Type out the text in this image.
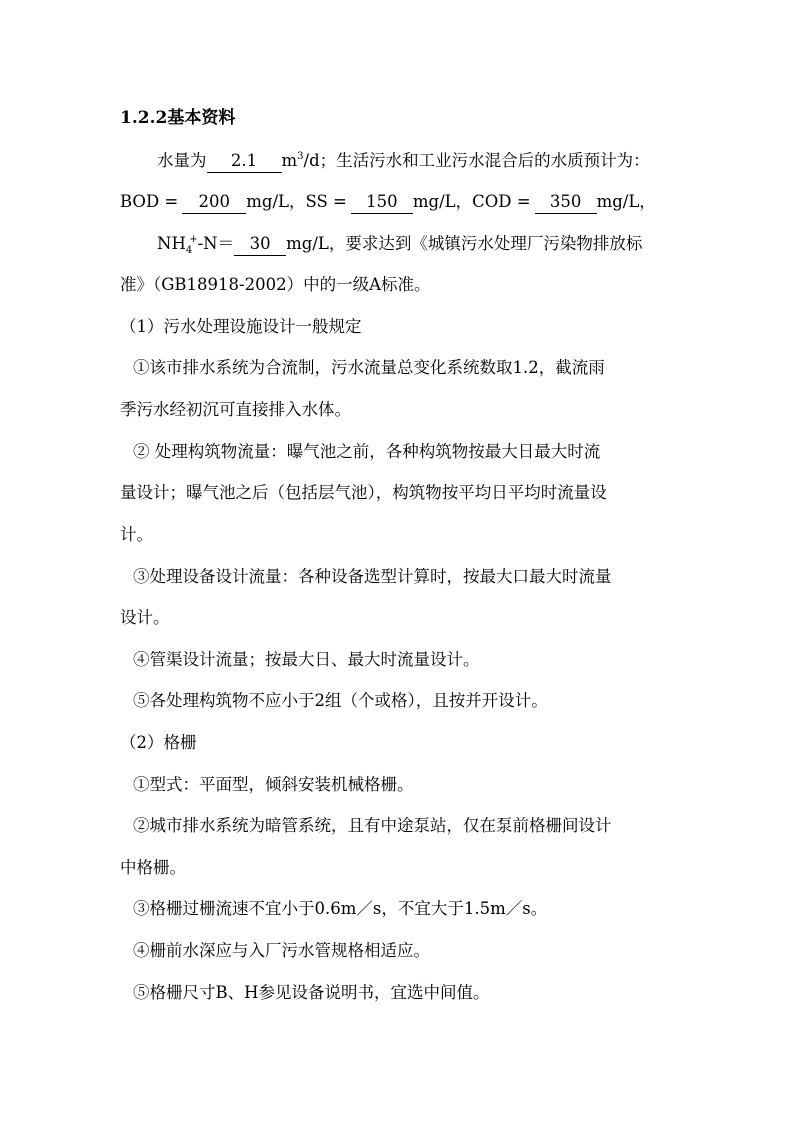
1.2.2基本资料
水量为 2.1 $m^3/d$；生活污水和工业污水混合后的水质预计为：
BOD = 200 mg/L，SS = 150 mg/L，COD = 350 mg/L，
$NH_4^+-N= 30$ mg/L，要求达到《城镇污水处理厂污染物排放标
准》（GB18918-2002）中的一级A标准。
（1）污水处理设施设计一般规定
①该市排水系统为合流制，污水流量总变化系统数取1.2，截流雨
季污水经初沉可直接排入水体。
② 处理构筑物流量：曝气池之前，各种构筑物按最大日最大时流
量设计；曝气池之后（包括层气池），构筑物按平均日平均时流量设
计。
③处理设备设计流量：各种设备选型计算时，按最大口最大时流量
设计。
④管渠设计流量；按最大日、最大时流量设计。
⑤各处理构筑物不应小于2组（个或格），且按并开设计。
（2）格栅
①型式：平面型，倾斜安装机械格栅。
②城市排水系统为暗管系统，且有中途泵站，仅在泵前格栅间设计
中格栅。
③格栅过栅流速不宜小于0.6m／s，不宜大于1.5m／s。
④栅前水深应与入厂污水管规格相适应。
⑤格栅尺寸B、H参见设备说明书，宜选中间值。
